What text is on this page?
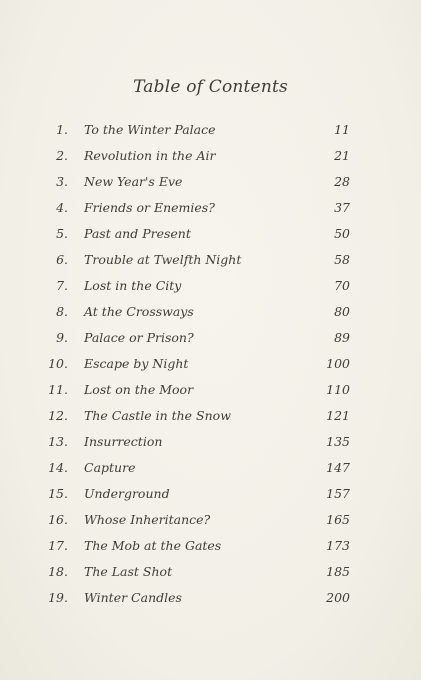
Table of Contents
1. To the Winter Palace	11
2. Revolution in the Air	21
3. New Year's Eve	28
4. Friends or Enemies?	37
5. Past and Present	50
6. Trouble at Twelfth Night	58
7. Lost in the City	70
8. At the Crossways	80
9. Palace or Prison?	89
10. Escape by Night	100
11. Lost on the Moor	110
12. The Castle in the Snow	121
13. Insurrection	135
14. Capture	147
15. Underground	157
16. Whose Inheritance?	165
17. The Mob at the Gates	173
18. The Last Shot	185
19. Winter Candles	200
